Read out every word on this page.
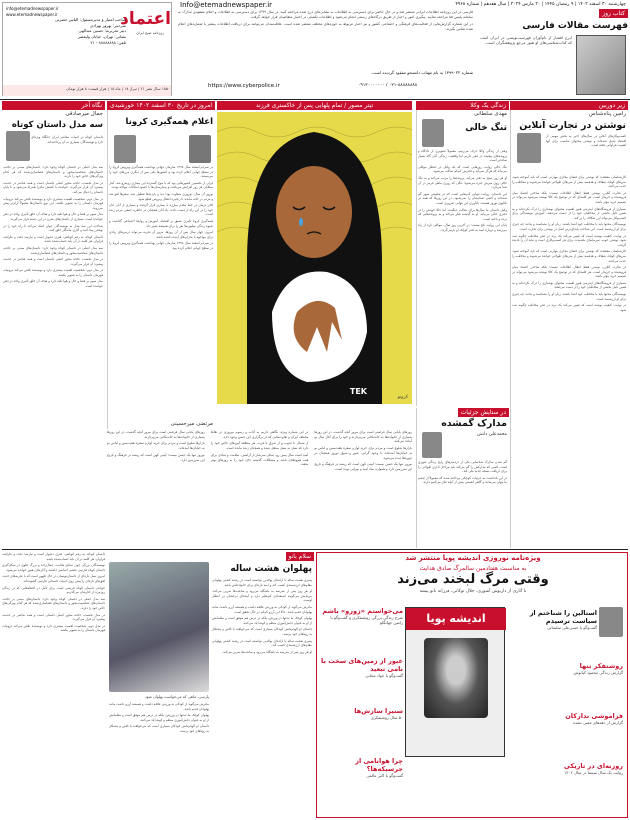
چهارشنبه ۳۰ اسفند ۱۴۰۲ | ۹ رمضان ۱۴۴۵ | ۲۰ مارس ۲۰۲۴ | سال هفدهم | شماره ۴۹۶۸
Info@etemadnewspaper.ir
اعتماد
روزنامه صبح ایران
info@etemadnewspaper.ir
www.etemadnewspaper.ir
صاحب امتیاز و مدیرمسئول: الیاس حضرتی
سردبیر: بهروز بهزادی
دبیر تحریریه: حسین عبدالهی
نشانی: تهران، خیابان ولیعصر
تلفن: ۸۸۸۸۸۸۸۸ - ۲۱
کتاب روز
فهرست مقالات فارسی
ایرج افشار از نام‌آوران فهرست‌نویسی در ایران است که کتاب‌شناسی‌های او هنوز مرجع پژوهشگران است.

فارسی در این روزنامه اطلاعات ایرانی منتشر شد و در حال حاضر برای دسترسی به اطلاعات به نشانی‌های درج شده مراجعه کنید. در سال ۱۳۹۹ برای دسترسی به اطلاعات و اعلام مفقودی مدارک به سامانه پلیس فتا مراجعه نمایید. پیگیری امور و اخبار از طریق درگاه‌های رسمی انجام می‌شود و اطلاعات تکمیلی در اختیار متقاضیان قرار خواهد گرفت.

در این شماره گزارش‌هایی از فعالیت‌های فرهنگی و اجتماعی کشور و نیز اخبار مربوط به حوزه‌های مختلف منتشر شده است. علاقه‌مندان می‌توانند برای دریافت اطلاعات بیشتر با شماره‌های اعلام شده تماس بگیرند.

شماره ۱۳۹۹۰۲۲ به نام مهتاب دانشجو مفقود گردیده است.
https://www.cyberpolice.ir	۰۲۱-۸۸۸۸۸۸۸۸ / ۰۹۱۲۰۰۰۰۰۰۰
زیر دوربین
رامین پناه‌شناس
نوشتن در تجارت آنلاین

کسب‌وکارهای آنلاین در سال‌های اخیر به بخش مهمی از اقتصاد تبدیل شده‌اند و نوشتن محتوای مناسب برای آنها اهمیت فراوانی یافته است.

کارشناسان معتقدند که نوشتن برای فضای مجازی مهارتی است که باید آموخته شود. متن‌های کوتاه، شفاف و هدفمند بیش از متن‌های طولانی خوانده می‌شوند و مخاطب را جذب می‌کنند.

در تجارت آنلاین، نوشتن فقط انتقال اطلاعات نیست؛ بلکه ساختن اعتماد میان فروشنده و خریدار است. هر کلمه‌ای که در توضیح یک کالا نوشته می‌شود می‌تواند در تصمیم خرید مؤثر باشد.

بسیاری از فروشگاه‌های اینترنتی هنوز اهمیت محتوای نوشتاری را درک نکرده‌اند و به همین دلیل بخشی از مخاطبان خود را از دست می‌دهند. آموزش نویسندگی برای کسب‌وکار می‌تواند این شکاف را پر کند.

نویسندگان محتوا باید با مخاطب خود آشنا باشند، زبان او را بشناسند و بدانند چه چیزی برای او ارزشمند است. این شناخت پایه‌ای‌ترین اصل در نوشتن برای تجارت است.

در نهایت، کیفیت نوشته است که تعیین می‌کند یک برند در ذهن مخاطب چگونه ثبت شود. نوشتن خوب، سرمایه‌ای بلندمدت برای هر کسب‌وکاری است و نباید آن را نادیده گرفت.

کارشناسان معتقدند که نوشتن برای فضای مجازی مهارتی است که باید آموخته شود. متن‌های کوتاه، شفاف و هدفمند بیش از متن‌های طولانی خوانده می‌شوند و مخاطب را جذب می‌کنند.

در تجارت آنلاین، نوشتن فقط انتقال اطلاعات نیست؛ بلکه ساختن اعتماد میان فروشنده و خریدار است. هر کلمه‌ای که در توضیح یک کالا نوشته می‌شود می‌تواند در تصمیم خرید مؤثر باشد.

بسیاری از فروشگاه‌های اینترنتی هنوز اهمیت محتوای نوشتاری را درک نکرده‌اند و به همین دلیل بخشی از مخاطبان خود را از دست می‌دهند.

نویسندگان محتوا باید با مخاطب خود آشنا باشند، زبان او را بشناسند و بدانند چه چیزی برای او ارزشمند است.

در نهایت، کیفیت نوشته است که تعیین می‌کند یک برند در ذهن مخاطب چگونه ثبت شود.

زندگی یک وکلا
مهدی سلطانی
تنگ خالی

وقتی از زندگی وکلا حرف می‌زنیم، معمولاً تصویری از دادگاه و پرونده‌های پیچیده در ذهن داریم اما واقعیت زندگی آنان گاه بسیار ساده‌تر است.

تنگ خالی روایت روزهایی است که یک وکیل در انتظار موکلی می‌ماند که هرگز نمی‌آید و دفترش کم‌کم ساکت می‌شود.

او هر روز صبح به دفتر می‌آید، پرونده‌ها را مرتب می‌کند و به تنگ خالی روی میزش خیره می‌شود؛ تنگی که روزی ماهی قرمز در آن شنا می‌کرد.

این داستان، روایت تنهایی آدم‌هایی است که در شلوغی شهر گم شده‌اند و کسی صدایشان را نمی‌شنود. در این روزها که همه در تکاپوی نوروز هستند، یادآوری این تنهایی ضروری است.

وکیل داستان ما سال‌ها برای عدالت جنگیده، اما حالا خودش را در دفتری خالی می‌یابد. او به گذشته فکر می‌کند و به پرونده‌هایی که برده و باخته است.

پایان این روایت تلخ نیست؛ در آخرین روز سال، موکلی تازه از راه می‌رسد و دوباره امید به دفتر کوچک او بازمی‌گردد.

تیتر مصور / تمام پلهایی پس از خاکستری فرزند
TEK
کرونو
امروز در تاریخ
۳۰ اسفند ۱۴۰۲ خورشیدی
اعلام همه‌گیری کرونا

در سی‌ام اسفند سال ۱۳۹۸ سازمان جهانی بهداشت همه‌گیری ویروس کرونا را در سطح جهانی اعلام کرده بود و کشورها یکی پس از دیگری مرزهای خود را می‌بستند.

ایران از نخستین کشورهایی بود که با موج گسترده این بیماری روبه‌رو شد. آمار مبتلایان هر روز افزایش می‌یافت و بیمارستان‌ها با کمبود امکانات مواجه بودند.

نوروز آن سال، نوروزی متفاوت بود؛ دید و بازدیدها تعطیل شد، سفرها لغو شد و مردم در خانه ماندند تا زنجیره انتقال ویروس قطع شود.

کادر درمان در خط مقدم مبارزه با بیماری قرار گرفتند و بسیاری از آنان جان خود را در این راه از دست دادند. یاد آنان همچنان در خاطره جمعی مردم زنده است.

همه‌گیری کرونا تأثیری عمیق بر اقتصاد، آموزش و روابط اجتماعی گذاشت و شیوه زندگی میلیون‌ها نفر را برای همیشه تغییر داد.

امروز، چهار سال پس از آن روزها، مرور آن تجربه می‌تواند درس‌های زیادی برای مواجهه با بحران‌های آینده داشته باشد.

در سی‌ام اسفند سال ۱۳۹۸ سازمان جهانی بهداشت همه‌گیری ویروس کرونا را در سطح جهانی اعلام کرده بود.

مرتضی میرحسینی
نگاه آخر
جمال میرصادقی
سه مدل داستان کوتاه

داستان کوتاه در ادبیات معاصر ایران جایگاه ویژه‌ای دارد و نویسندگان بسیاری به آن پرداخته‌اند.

سه مدل اصلی در داستان کوتاه وجود دارد: داستان‌های مبتنی بر حادثه، داستان‌های شخصیت‌محور و داستان‌های فضاسازی‌شده که هر کدام ویژگی‌های خاص خود را دارند.

در مدل نخست، حادثه محور اصلی داستان است و همه عناصر در خدمت پیشبرد آن قرار می‌گیرند. خواننده با کشش ماجرا همراه می‌شود و تا پایان داستان را دنبال می‌کند.

در مدل دوم، شخصیت اهمیت بیشتری دارد و نویسنده تلاش می‌کند درونیات قهرمان داستان را به تصویر بکشد. این نوع داستان‌ها معمولاً آرام‌تر پیش می‌روند.

مدل سوم بر فضا و حال و هوا تکیه دارد و هدف آن خلق تأثیری واحد در ذهن خواننده است. بسیاری از داستان‌های مدرن در این دسته قرار می‌گیرند.

شناخت این سه مدل به نویسندگان جوان کمک می‌کند تا راه خود را در نوشتن پیدا کنند و آثاری ماندگار خلق کنند.

داستان کوتاه، به رغم کوتاهی، هنری دشوار است و نیازمند دقت و ظرافت فراوان. هر کلمه در آن باید حساب‌شده باشد.

سه مدل اصلی در داستان کوتاه وجود دارد: داستان‌های مبتنی بر حادثه، داستان‌های شخصیت‌محور و داستان‌های فضاسازی‌شده.

در مدل نخست، حادثه محور اصلی داستان است و همه عناصر در خدمت پیشبرد آن قرار می‌گیرند.

در مدل دوم، شخصیت اهمیت بیشتری دارد و نویسنده تلاش می‌کند درونیات قهرمان داستان را به تصویر بکشد.

مدل سوم بر فضا و حال و هوا تکیه دارد و هدف آن خلق تأثیری واحد در ذهن خواننده است.

در ستایش جزئیات
مدارک گمشده
محمدعلی دانش

گم شدن مدارک شناسایی یکی از دردسرهای رایج زندگی شهری است. کسی که مدارکش را گم می‌کند باید مراحل اداری طولانی را برای دریافت نسخه جدید طی کند.

در این یادداشت به جزئیات کوچکی پرداخته شده که معمولاً از چشم ما پنهان می‌مانند و گاهی اهمیتی بیش از آنچه فکر می‌کنیم دارند.

روزهای پایانی سال فرصتی است برای مرور آنچه گذشت. در این روزها بسیاری از خانواده‌ها به خانه‌تکانی می‌پردازند و خود را برای آغاز سال نو آماده می‌کنند.

بازارها شلوغ است و مردم برای خرید لوازم سفره هفت‌سین و لباس نو به خیابان‌ها آمده‌اند. با وجود گرانی، شور و شوق نوروز همچنان در چهره‌ها دیده می‌شود.

نوروز تنها یک جشن نیست؛ آیینی کهن است که ریشه در فرهنگ و تاریخ این سرزمین دارد و همواره نماد امید و نوزایی بوده است.

در این شماره ویژه، نگاهی داریم به آداب و رسوم نوروزی در نقاط مختلف ایران و تفاوت‌هایی که در برگزاری این جشن وجود دارد.

از شمال تا جنوب و از شرق تا غرب، هر منطقه آیین‌های خاص خود را دارد که نسل به نسل منتقل شده و همچنان زنده مانده است.

امید است سال پیش رو، سالی سرشار از آرامش، سلامت و شادی برای همه هم‌وطنان باشد و مشکلات گذشته جای خود را به روزهای بهتر بدهند.

روزهای پایانی سال فرصتی است برای مرور آنچه گذشت. در این روزها بسیاری از خانواده‌ها به خانه‌تکانی می‌پردازند.

بازارها شلوغ است و مردم برای خرید لوازم سفره هفت‌سین و لباس نو به خیابان‌ها آمده‌اند.

نوروز تنها یک جشن نیست؛ آیینی کهن است که ریشه در فرهنگ و تاریخ این سرزمین دارد.

ویژه‌نامه نوروزی اندیشه پویا منتشر شد
به مناسبت هفتادمین سالمرگ صادق هدایت
وقتی مرگ لبخند می‌زند
با آثاری از داریوش آشوری، جلال نوکانی، فرزانه بانو پیشه
اندیشه پویا
می‌خواستم «زورو» باشم
شرح زندگی برزگی روشنفکری و گفت‌وگو با رامین جهانگلو
عبور از زمین‌های سخت با نامی تبعید
گفت‌وگو با جواد مجابی
سنیرا سازش‌ها
۵۰ سال روشنفکری
چرا هوانامی از جرسیکه‌ها؟
گفت‌وگو با اکبر عالمی
استالین را شناختم از سیاست ترسیدم
گفت‌وگو با حسن‌علی سلیمانی
روشنفکر تنها
گزارش زندگی محمود کیانوش
فراموشی ندارکان
گزارش از دهه‌های معنی نشده
روزنه‌ای در تاریکی
روایت یک سال سینما در سال ۱۴۰۲
سلام بانو
پهلوان هشت ساله
پارسی، ماهی که می‌خواست پهلوان شود

پسری هشت ساله با اراده‌ای پولادین توانسته است در رشته کشتی پهلوانی مقام‌های ارزشمندی کسب کند و امید تازه‌ای برای خانواده‌اش باشد.

او هر روز پس از مدرسه به باشگاه می‌رود و ساعت‌ها تمرین می‌کند. مربیانش می‌گویند استعدادی کم‌نظیر دارد و آینده‌ای درخشان در انتظار اوست.

مادرش می‌گوید از کودکی به ورزش علاقه داشت و همیشه آرزو داشت مانند پهلوانان قدیم باشد. حالا این آرزو کم‌کم در حال تحقق است.

پهلوان کوچک ما نه‌تنها در ورزش، بلکه در درس هم موفق است و معلمانش از او به عنوان دانش‌آموزی منظم و کوشا یاد می‌کنند.

داستان او الهام‌بخش کودکان بسیاری است که می‌خواهند با تلاش و پشتکار به رؤیاهای خود برسند.

پسری هشت ساله با اراده‌ای پولادین توانسته است در رشته کشتی پهلوانی مقام‌های ارزشمندی کسب کند.

او هر روز پس از مدرسه به باشگاه می‌رود و ساعت‌ها تمرین می‌کند.

مادرش می‌گوید از کودکی به ورزش علاقه داشت و همیشه آرزو داشت مانند پهلوانان قدیم باشد.

پهلوان کوچک ما نه‌تنها در ورزش، بلکه در درس هم موفق است و معلمانش از او به عنوان دانش‌آموزی منظم و کوشا یاد می‌کنند.

داستان او الهام‌بخش کودکان بسیاری است که می‌خواهند با تلاش و پشتکار به رؤیاهای خود برسند.

داستان کوتاه، به رغم کوتاهی، هنری دشوار است و نیازمند دقت و ظرافت فراوان. هر کلمه در آن باید حساب‌شده باشد.

نویسندگان بزرگی چون صادق هدایت، جمال‌زاده و بزرگ علوی در شکل‌گیری داستان کوتاه فارسی نقشی اساسی داشتند و آثارشان هنوز خوانده می‌شود.

امروز نسل تازه‌ای از داستان‌نویسان در حال ظهور است که با تجربه‌های جدید، افق‌های تازه‌ای را پیش روی ادبیات داستانی فارسی گشوده‌اند.

خواندن داستان کوتاه فرصتی است برای تأمل در لحظه‌هایی که در زندگی روزمره از کنارشان می‌گذریم.

سه مدل اصلی در داستان کوتاه وجود دارد: داستان‌های مبتنی بر حادثه، داستان‌های شخصیت‌محور و داستان‌های فضاسازی‌شده که هر کدام ویژگی‌های خاص خود را دارند.

در مدل نخست، حادثه محور اصلی داستان است و همه عناصر در خدمت پیشبرد آن قرار می‌گیرند.

در مدل دوم، شخصیت اهمیت بیشتری دارد و نویسنده تلاش می‌کند درونیات قهرمان داستان را به تصویر بکشد.

۱۸۵۰ سال نشر ۲۱ | تیراژ ۱۸ | ماه ۱۸ | هزار قیمت: ۸ هزار تومان
